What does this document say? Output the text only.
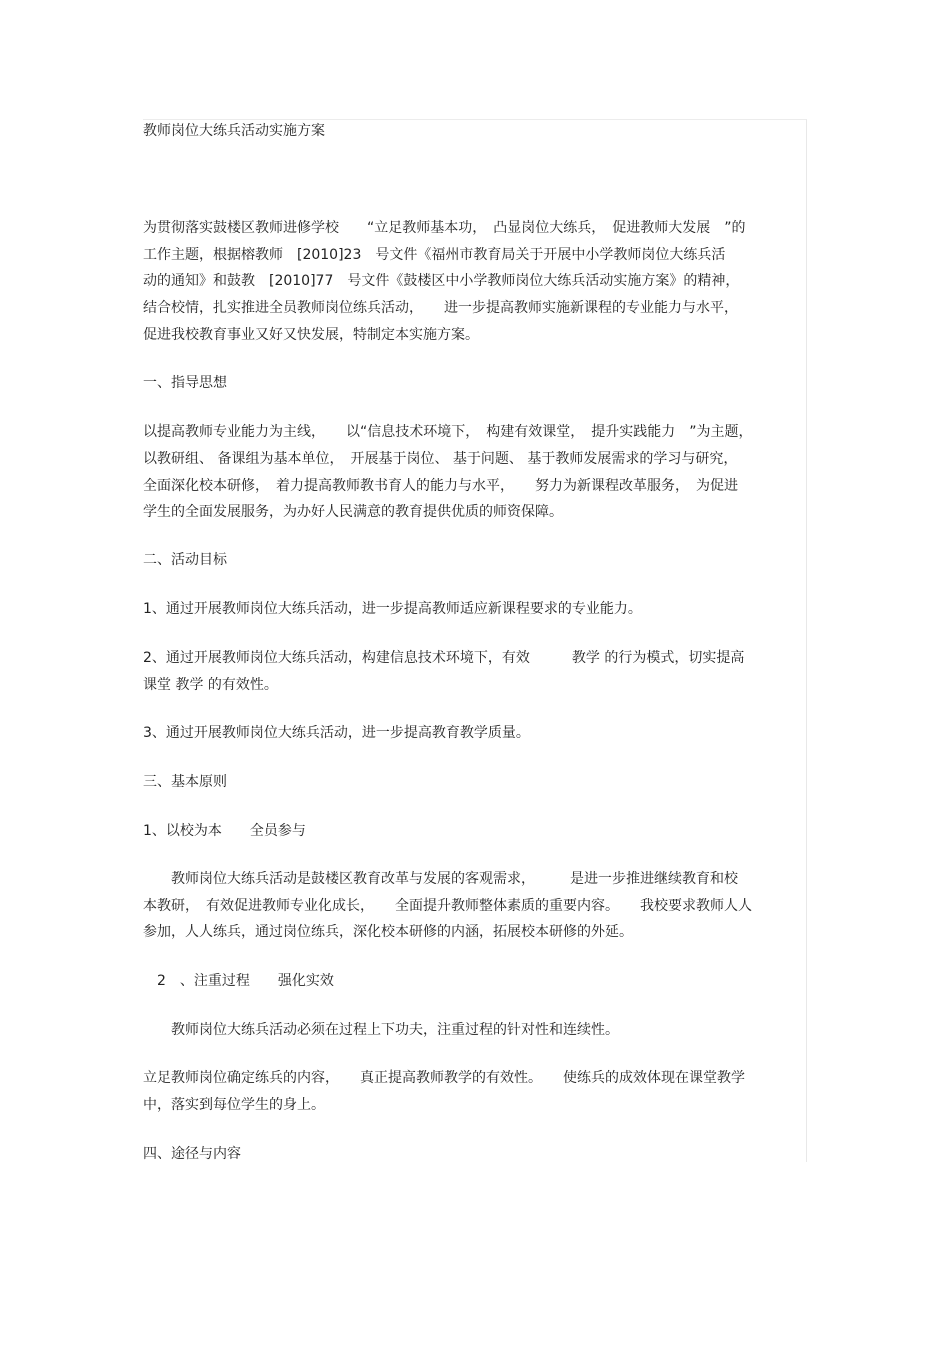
教师岗位大练兵活动实施方案
为贯彻落实鼓楼区教师进修学校　　“立足教师基本功，　凸显岗位大练兵，　促进教师大发展　”的
工作主题，根据榕教师　[2010]23　号文件《福州市教育局关于开展中小学教师岗位大练兵活
动的通知》和鼓教　[2010]77　号文件《鼓楼区中小学教师岗位大练兵活动实施方案》的精神，
结合校情，扎实推进全员教师岗位练兵活动，　　进一步提高教师实施新课程的专业能力与水平，
促进我校教育事业又好又快发展，特制定本实施方案。
一、指导思想
以提高教师专业能力为主线，　　以“信息技术环境下，　构建有效课堂，　提升实践能力　”为主题，
以教研组、 备课组为基本单位，　开展基于岗位、 基于问题、 基于教师发展需求的学习与研究，
全面深化校本研修，　着力提高教师教书育人的能力与水平，　　努力为新课程改革服务，　为促进
学生的全面发展服务，为办好人民满意的教育提供优质的师资保障。
二、活动目标
1、通过开展教师岗位大练兵活动，进一步提高教师适应新课程要求的专业能力。
2、通过开展教师岗位大练兵活动，构建信息技术环境下，有效　　　教学 的行为模式，切实提高
课堂 教学 的有效性。
3、通过开展教师岗位大练兵活动，进一步提高教育教学质量。
三、基本原则
1、以校为本　　全员参与
　　教师岗位大练兵活动是鼓楼区教育改革与发展的客观需求，　　　是进一步推进继续教育和校
本教研，　有效促进教师专业化成长，　　全面提升教师整体素质的重要内容。　　我校要求教师人人
参加，人人练兵，通过岗位练兵，深化校本研修的内涵，拓展校本研修的外延。
　2　、注重过程　　强化实效
　　教师岗位大练兵活动必须在过程上下功夫，注重过程的针对性和连续性。
立足教师岗位确定练兵的内容，　　真正提高教师教学的有效性。　　使练兵的成效体现在课堂教学
中，落实到每位学生的身上。
四、途径与内容
